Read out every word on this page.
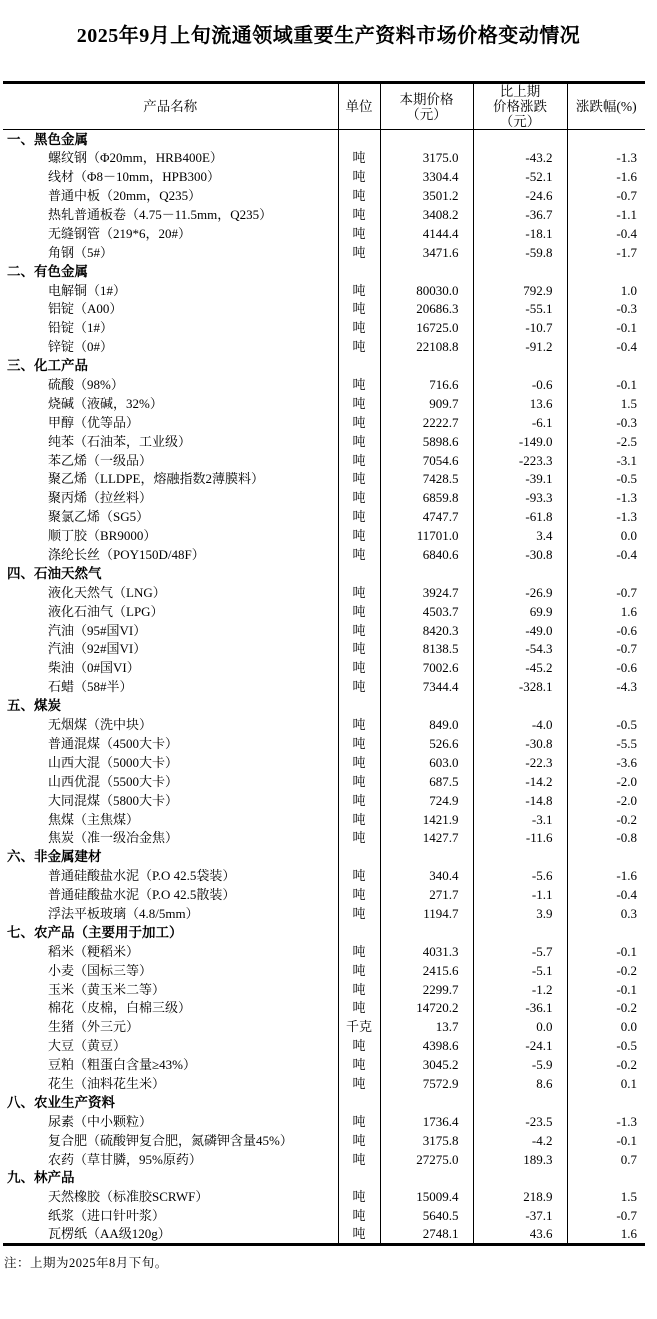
2025年9月上旬流通领域重要生产资料市场价格变动情况
产品名称	单位	本期价格
（元）	比上期
价格涨跌
（元）	涨跌幅(%)
一、黑色金属				
螺纹钢（Φ20mm，HRB400E）	吨	3175.0	-43.2	-1.3
线材（Φ8－10mm，HPB300）	吨	3304.4	-52.1	-1.6
普通中板（20mm，Q235）	吨	3501.2	-24.6	-0.7
热轧普通板卷（4.75－11.5mm，Q235）	吨	3408.2	-36.7	-1.1
无缝钢管（219*6，20#）	吨	4144.4	-18.1	-0.4
角钢（5#）	吨	3471.6	-59.8	-1.7
二、有色金属				
电解铜（1#）	吨	80030.0	792.9	1.0
铝锭（A00）	吨	20686.3	-55.1	-0.3
铅锭（1#）	吨	16725.0	-10.7	-0.1
锌锭（0#）	吨	22108.8	-91.2	-0.4
三、化工产品				
硫酸（98%）	吨	716.6	-0.6	-0.1
烧碱（液碱，32%）	吨	909.7	13.6	1.5
甲醇（优等品）	吨	2222.7	-6.1	-0.3
纯苯（石油苯，工业级）	吨	5898.6	-149.0	-2.5
苯乙烯（一级品）	吨	7054.6	-223.3	-3.1
聚乙烯（LLDPE，熔融指数2薄膜料）	吨	7428.5	-39.1	-0.5
聚丙烯（拉丝料）	吨	6859.8	-93.3	-1.3
聚氯乙烯（SG5）	吨	4747.7	-61.8	-1.3
顺丁胶（BR9000）	吨	11701.0	3.4	0.0
涤纶长丝（POY150D/48F）	吨	6840.6	-30.8	-0.4
四、石油天然气				
液化天然气（LNG）	吨	3924.7	-26.9	-0.7
液化石油气（LPG）	吨	4503.7	69.9	1.6
汽油（95#国VI）	吨	8420.3	-49.0	-0.6
汽油（92#国VI）	吨	8138.5	-54.3	-0.7
柴油（0#国VI）	吨	7002.6	-45.2	-0.6
石蜡（58#半）	吨	7344.4	-328.1	-4.3
五、煤炭				
无烟煤（洗中块）	吨	849.0	-4.0	-0.5
普通混煤（4500大卡）	吨	526.6	-30.8	-5.5
山西大混（5000大卡）	吨	603.0	-22.3	-3.6
山西优混（5500大卡）	吨	687.5	-14.2	-2.0
大同混煤（5800大卡）	吨	724.9	-14.8	-2.0
焦煤（主焦煤）	吨	1421.9	-3.1	-0.2
焦炭（准一级冶金焦）	吨	1427.7	-11.6	-0.8
六、非金属建材				
普通硅酸盐水泥（P.O 42.5袋装）	吨	340.4	-5.6	-1.6
普通硅酸盐水泥（P.O 42.5散装）	吨	271.7	-1.1	-0.4
浮法平板玻璃（4.8/5mm）	吨	1194.7	3.9	0.3
七、农产品（主要用于加工）				
稻米（粳稻米）	吨	4031.3	-5.7	-0.1
小麦（国标三等）	吨	2415.6	-5.1	-0.2
玉米（黄玉米二等）	吨	2299.7	-1.2	-0.1
棉花（皮棉，白棉三级）	吨	14720.2	-36.1	-0.2
生猪（外三元）	千克	13.7	0.0	0.0
大豆（黄豆）	吨	4398.6	-24.1	-0.5
豆粕（粗蛋白含量≥43%）	吨	3045.2	-5.9	-0.2
花生（油料花生米）	吨	7572.9	8.6	0.1
八、农业生产资料				
尿素（中小颗粒）	吨	1736.4	-23.5	-1.3
复合肥（硫酸钾复合肥，氮磷钾含量45%）	吨	3175.8	-4.2	-0.1
农药（草甘膦，95%原药）	吨	27275.0	189.3	0.7
九、林产品				
天然橡胶（标准胶SCRWF）	吨	15009.4	218.9	1.5
纸浆（进口针叶浆）	吨	5640.5	-37.1	-0.7
瓦楞纸（AA级120g）	吨	2748.1	43.6	1.6
注：上期为2025年8月下旬。
